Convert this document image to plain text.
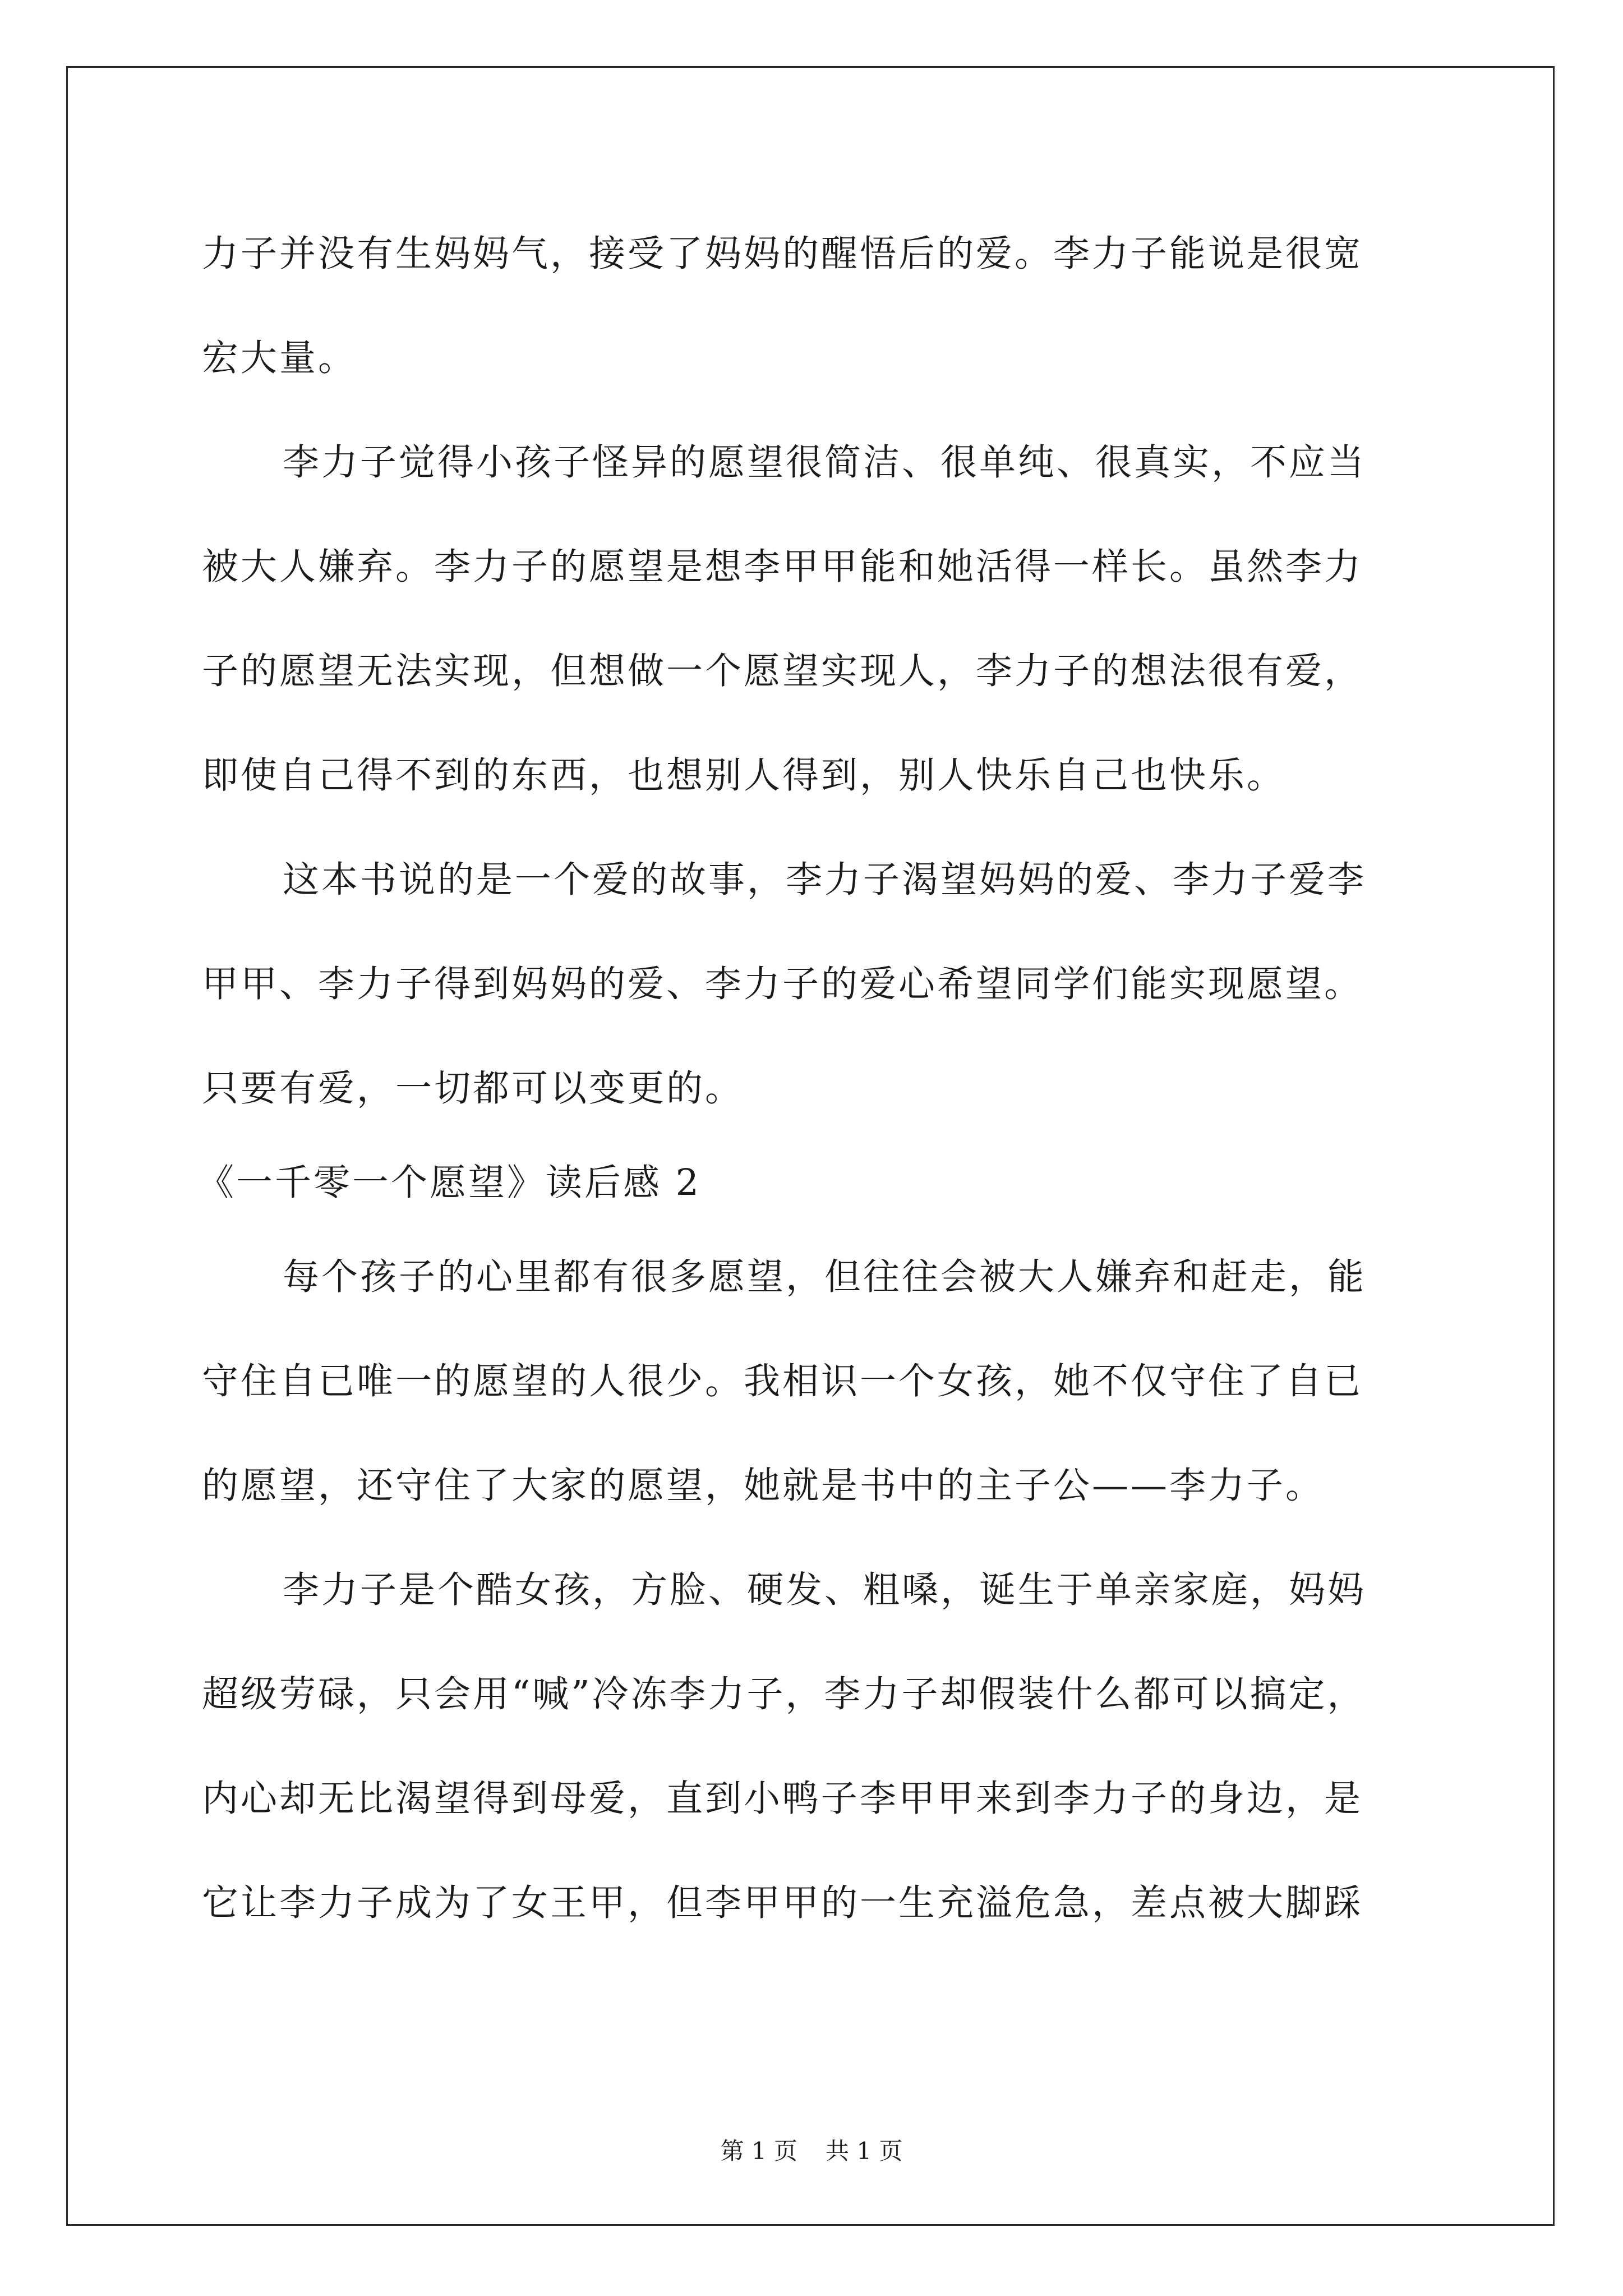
力子并没有生妈妈气，接受了妈妈的醒悟后的爱。李力子能说是很宽
宏大量。
李力子觉得小孩子怪异的愿望很简洁、很单纯、很真实，不应当
被大人嫌弃。李力子的愿望是想李甲甲能和她活得一样长。虽然李力
子的愿望无法实现，但想做一个愿望实现人，李力子的想法很有爱，
即使自己得不到的东西，也想别人得到，别人快乐自己也快乐。
这本书说的是一个爱的故事，李力子渴望妈妈的爱、李力子爱李
甲甲、李力子得到妈妈的爱、李力子的爱心希望同学们能实现愿望。
只要有爱，一切都可以变更的。
《一千零一个愿望》读后感 2
每个孩子的心里都有很多愿望，但往往会被大人嫌弃和赶走，能
守住自已唯一的愿望的人很少。我相识一个女孩，她不仅守住了自已
的愿望，还守住了大家的愿望，她就是书中的主子公——李力子。
李力子是个酷女孩，方脸、硬发、粗嗓，诞生于单亲家庭，妈妈
超级劳碌，只会用“喊”冷冻李力子，李力子却假装什么都可以搞定，
内心却无比渴望得到母爱，直到小鸭子李甲甲来到李力子的身边，是
它让李力子成为了女王甲，但李甲甲的一生充溢危急，差点被大脚踩
第 1 页 共 1 页
